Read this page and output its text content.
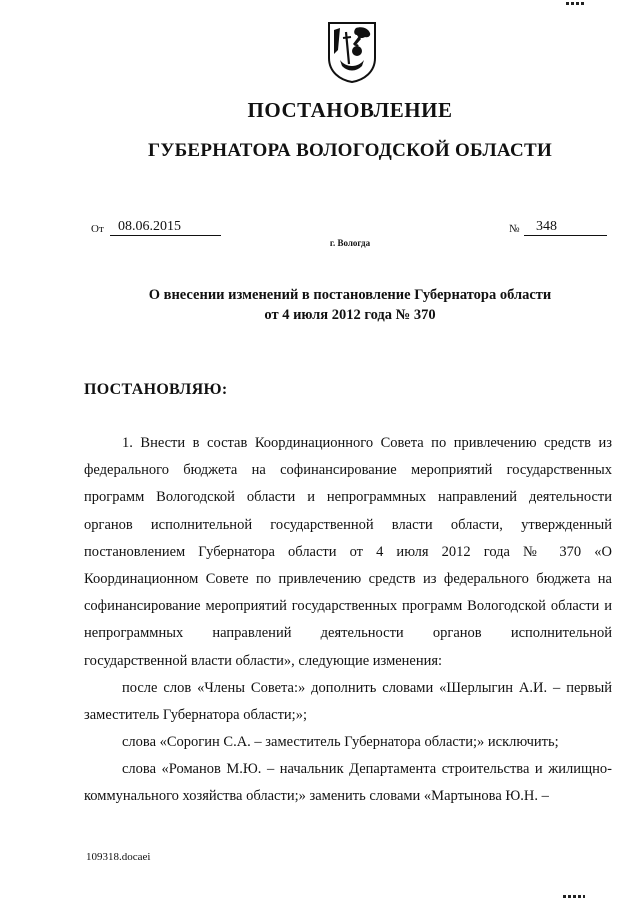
ПОСТАНОВЛЕНИЕ
ГУБЕРНАТОРА ВОЛОГОДСКОЙ ОБЛАСТИ
От	08.06.2015	№	348
г. Вологда
О внесении изменений в постановление Губернатора области
от 4 июля 2012 года № 370
ПОСТАНОВЛЯЮ:
1. Внести в состав Координационного Совета по привлечению средств из федерального бюджета на софинансирование мероприятий государственных программ Вологодской области и непрограммных направлений деятельности органов исполнительной государственной власти области, утвержденный постановлением Губернатора области от 4 июля 2012 года № 370 «О Координационном Совете по привлечению средств из федерального бюджета на софинансирование мероприятий государственных программ Вологодской области и непрограммных направлений деятельности органов исполнительной государственной власти области», следующие изменения:
после слов «Члены Совета:» дополнить словами «Шерлыгин А.И. – первый заместитель Губернатора области;»;
слова «Сорогин С.А. – заместитель Губернатора области;» исключить;
слова «Романов М.Ю. – начальник Департамента строительства и жилищно-коммунального хозяйства области;» заменить словами «Мартынова Ю.Н. –
109318.docaei
